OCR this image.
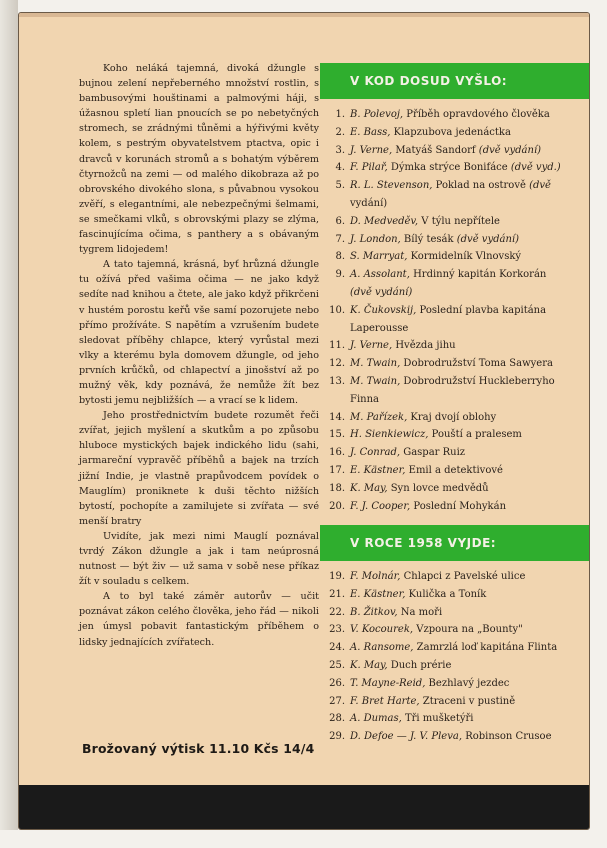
Koho neláká tajemná, divoká džungle s bujnou zelení nepřeberného množství rostlin, s bambusovými houštinami a palmovými háji, s úžasnou spletí lian pnoucích se po nebetyčných stromech, se zrádnými tůněmi a hýřivými květy kolem, s pestrým obyvatelstvem ptactva, opic i dravců v korunách stromů a s bohatým výběrem čtyrnožců na zemi — od malého dikobraza až po obrovského divokého slona, s půvabnou vysokou zvěří, s elegantními, ale nebezpečnými šelmami, se smečkami vlků, s obrovskými plazy se zlýma, fascinujícíma očima, s panthery a s obávaným tygrem lidojedem!

A tato tajemná, krásná, byť hrůzná džungle tu ožívá před vašima očima — ne jako když sedíte nad knihou a čtete, ale jako když přikrčeni v hustém porostu keřů vše samí pozorujete nebo přímo prožíváte. S napětím a vzrušením budete sledovat příběhy chlapce, který vyrůstal mezi vlky a kterému byla domovem džungle, od jeho prvních krůčků, od chlapectví a jinošství až po mužný věk, kdy poznává, že nemůže žít bez bytosti jemu nejbližších — a vrací se k lidem.

Jeho prostřednictvím budete rozumět řeči zvířat, jejich myšlení a skutkům a po způsobu hluboce mystických bajek indického lidu (sahi, jarmareční vypravěč příběhů a bajek na trzích jižní Indie, je vlastně prapůvodcem povídek o Mauglím) proniknete k duši těchto nižších bytostí, pochopíte a zamilujete si zvířata — své menší bratry

Uvidíte, jak mezi nimi Mauglí poznával tvrdý Zákon džungle a jak i tam neúprosná nutnost — být živ — už sama v sobě nese příkaz žít v souladu s celkem.

A to byl také záměr autorův — učit poznávat zákon celého člověka, jeho řád — nikoli jen úmysl pobavit fantastickým příběhem o lidsky jednajících zvířatech.

Brožovaný výtisk 11.10 Kčs 14/4
V KOD DOSUD VYŠLO:
1. B. Polevoj, Příběh opravdového člověka
2. E. Bass, Klapzubova jedenáctka
3. J. Verne, Matyáš Sandorf (dvě vydání)
4. F. Pilař, Dýmka strýce Bonifáce (dvě vyd.)
5. R. L. Stevenson, Poklad na ostrově (dvě
vydání)
6. D. Medveděv, V týlu nepřítele
7. J. London, Bílý tesák (dvě vydání)
8. S. Marryat, Kormidelník Vlnovský
9. A. Assolant, Hrdinný kapitán Korkorán
(dvě vydání)
10. K. Čukovskij, Poslední plavba kapitána
Laperousse
11. J. Verne, Hvězda jihu
12. M. Twain, Dobrodružství Toma Sawyera
13. M. Twain, Dobrodružství Huckleberryho
Finna
14. M. Pařízek, Kraj dvojí oblohy
15. H. Sienkiewicz, Pouští a pralesem
16. J. Conrad, Gaspar Ruiz
17. E. Kästner, Emil a detektivové
18. K. May, Syn lovce medvědů
20. F. J. Cooper, Poslední Mohykán
V ROCE 1958 VYJDE:
19. F. Molnár, Chlapci z Pavelské ulice
21. E. Kästner, Kulička a Toník
22. B. Žitkov, Na moři
23. V. Kocourek, Vzpoura na „Bounty"
24. A. Ransome, Zamrzlá loď kapitána Flinta
25. K. May, Duch prérie
26. T. Mayne-Reid, Bezhlavý jezdec
27. F. Bret Harte, Ztraceni v pustině
28. A. Dumas, Tři mušketýři
29. D. Defoe — J. V. Pleva, Robinson Crusoe
